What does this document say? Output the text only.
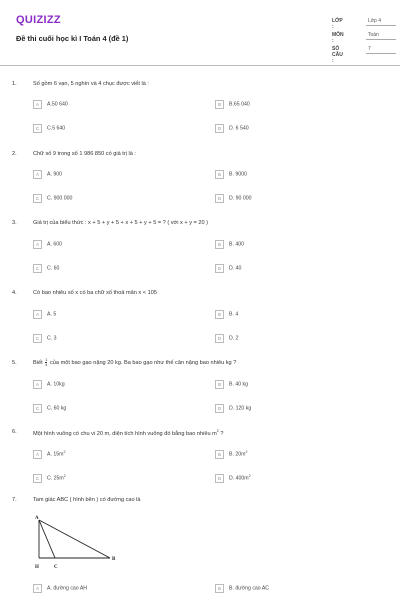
QUIZIZZ
Đề thi cuối học kì I Toán 4 (đề 1)
LỚP :
Lớp 4
MÔN :
Toán
SỐ CÂU :
7
1.	Số gồm 6 vạn, 5 nghìn và 4 chục được viết là :
A A.50 640	B B.65 040
C C.5 640	D D. 6 540
2.	Chữ số 9 trong số 1 986 850 có giá trị là :
A A. 900	B B. 9000
C C. 900 000	D D. 90 000
3.	Giá trị của biểu thức : x + 5 + y + 5 + x + 5 + y + 5 = ? ( với x + y = 20 )
A A. 600	B B. 400
C C. 60	D D. 40
4.	Có bao nhiêu số x có ba chữ số thoả mãn x < 105
A A. 5	B B. 4
C C. 3	D D. 2
5.	Biết $\frac{1}{4}$ của một bao gạo nặng 20 kg. Ba bao gạo như thế cân nặng bao nhiêu kg ?
A A. 10kg	B B. 40 kg
C C. 60 kg	D D. 120 kg
6.	Một hình vuông có chu vi 20 m, diện tích hình vuông đó bằng bao nhiêu $m^2$ ?
A A. $15m^2$	B B. $20m^2$
C C. $25m^2$	D D. $400m^2$
7.	Tam giác ABC ( hình bên ) có đường cao là
A
H	C
B
A A. đường cao AH	B B. đường cao AC
